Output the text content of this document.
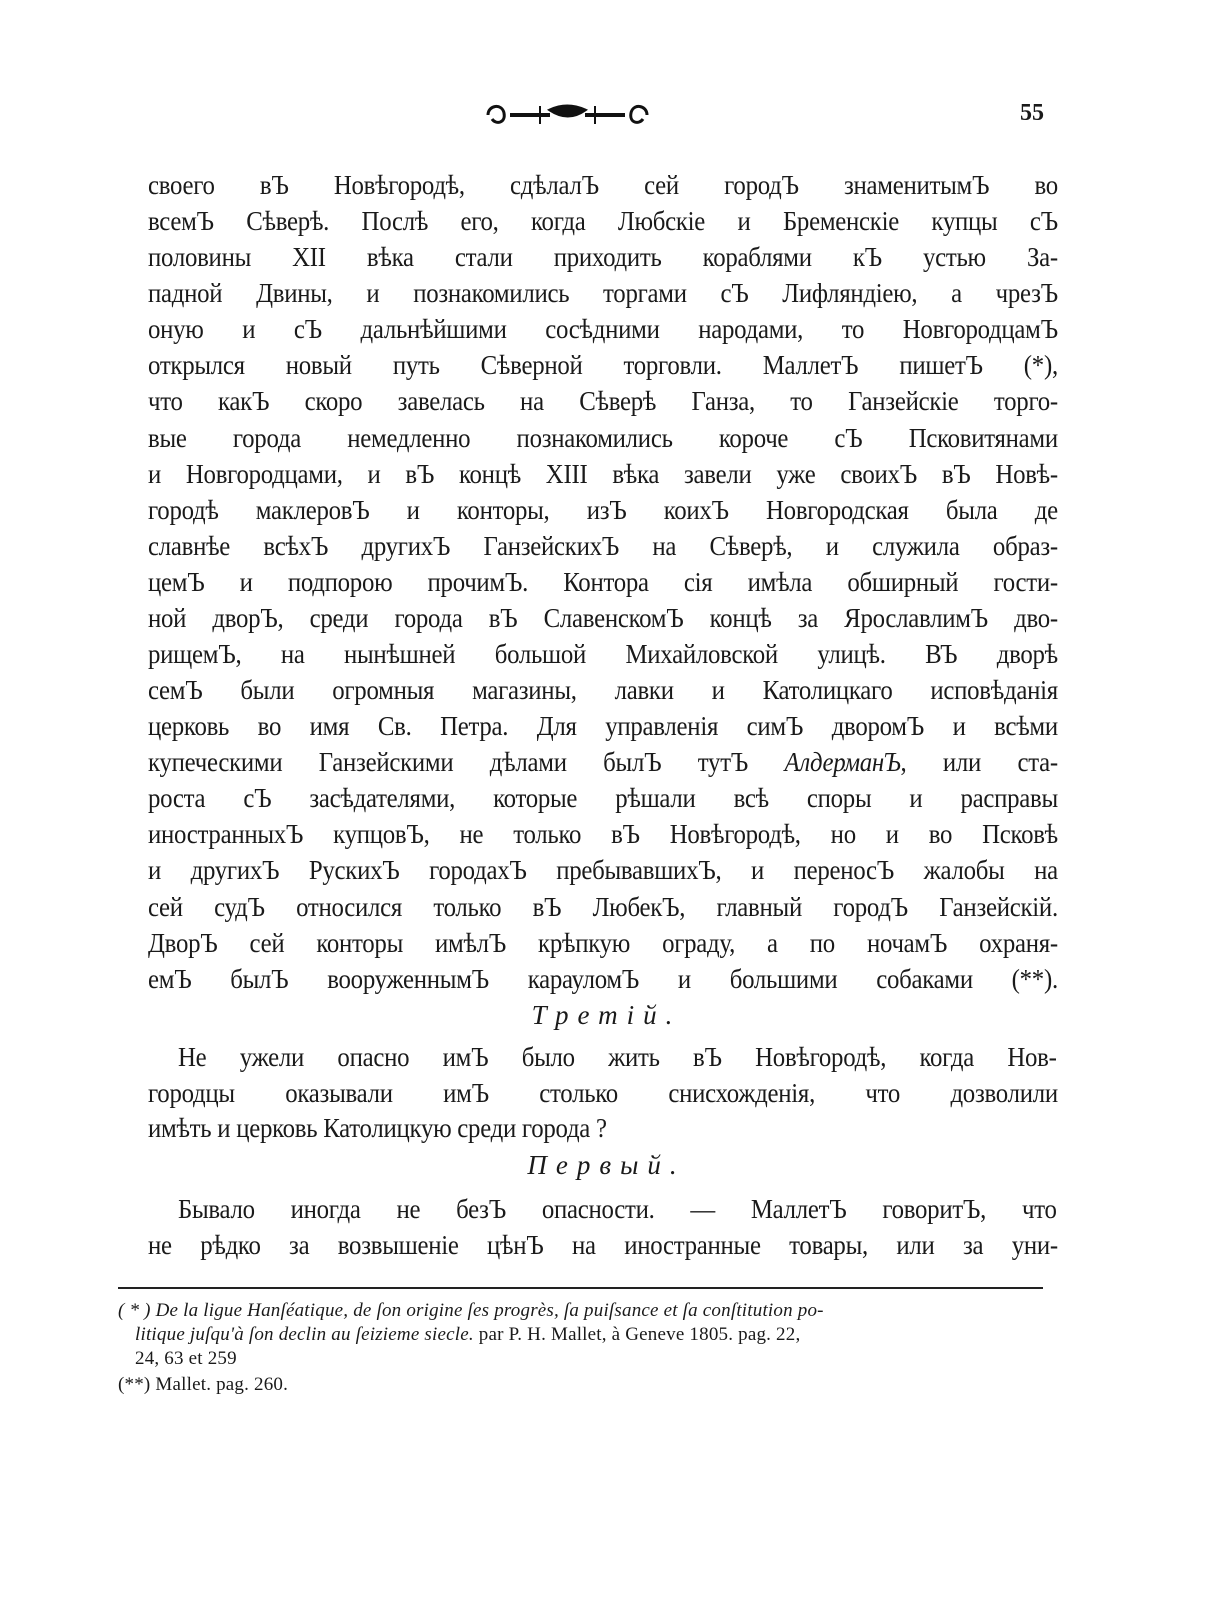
55
своего вЪ Новѣгородѣ, сдѣлалЪ сей городЪ знаменитымЪ во
всемЪ Сѣверѣ. Послѣ его, когда Любскіе и Бременскіе купцы сЪ
половины XII вѣка стали приходить кораблями кЪ устью За-
падной Двины, и познакомились торгами сЪ Лифляндіею, а чрезЪ
оную и сЪ дальнѣйшими сосѣдними народами, то НовгородцамЪ
открылся новый путь Сѣверной торговли. МаллетЪ пишетЪ (*),
что какЪ скоро завелась на Сѣверѣ Ганза, то Ганзейскіе торго-
вые города немедленно познакомились короче сЪ Псковитянами
и Новгородцами, и вЪ концѣ XIII вѣка завели уже своихЪ вЪ Новѣ-
городѣ маклеровЪ и конторы, изЪ коихЪ Новгородская была де
славнѣе всѣхЪ другихЪ ГанзейскихЪ на Сѣверѣ, и служила образ-
цемЪ и подпорою прочимЪ. Контора сія имѣла обширный гости-
ной дворЪ, среди города вЪ СлавенскомЪ концѣ за ЯрославлимЪ дво-
рищемЪ, на нынѣшней большой Михайловской улицѣ. ВЪ дворѣ
семЪ были огромныя магазины, лавки и Католицкаго исповѣданія
церковь во имя Св. Петра. Для управленія симЪ дворомЪ и всѣми
купеческими Ганзейскими дѣлами былЪ тутЪ АлдерманЪ, или ста-
роста сЪ засѣдателями, которые рѣшали всѣ споры и расправы
иностранныхЪ купцовЪ, не только вЪ Новѣгородѣ, но и во Псковѣ
и другихЪ РускихЪ городахЪ пребывавшихЪ, и переносЪ жалобы на
сей судЪ относился только вЪ ЛюбекЪ, главный городЪ Ганзейскій.
ДворЪ сей конторы имѣлЪ крѣпкую ограду, а по ночамЪ охраня-
емЪ былЪ вооруженнымЪ карауломЪ и большими собаками (**).
Третій.
Не ужели опасно имЪ было жить вЪ Новѣгородѣ, когда Нов-
городцы оказывали имЪ столько снисхожденія, что дозволили
имѣть и церковь Католицкую среди города ?
Первый.
Бывало иногда не безЪ опасности. — МаллетЪ говоритЪ, что
не рѣдко за возвышеніе цѣнЪ на иностранные товары, или за уни-
( * ) De la ligue Hanſéatique, de ſon origine ſes progrès, ſa puiſsance et ſa conſtitution po-
litique juſqu'à ſon declin au ſeizieme siecle. par P. H. Mallet, à Geneve 1805. pag. 22,
24, 63 et 259
(**) Mallet. pag. 260.
